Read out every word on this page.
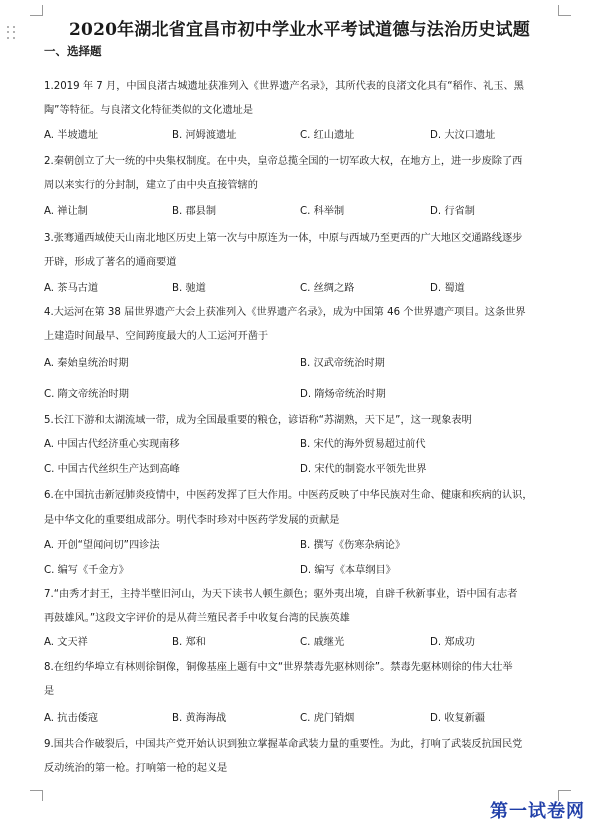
2020年湖北省宜昌市初中学业水平考试道德与法治历史试题
一、选择题
1.2019 年 7 月，中国良渚古城遗址获准列入《世界遗产名录》，其所代表的良渚文化具有“稻作、礼玉、黑
陶”等特征。与良渚文化特征类似的文化遗址是
A. 半坡遗址	B. 河姆渡遗址	C. 红山遗址	D. 大汶口遗址
2.秦朝创立了大一统的中央集权制度。在中央，皇帝总揽全国的一切军政大权，在地方上，进一步废除了西
周以来实行的分封制，建立了由中央直接管辖的
A. 禅让制	B. 郡县制	C. 科举制	D. 行省制
3.张骞通西域使天山南北地区历史上第一次与中原连为一体，中原与西域乃至更西的广大地区交通路线逐步
开辟，形成了著名的通商要道
A. 茶马古道	B. 驰道	C. 丝绸之路	D. 蜀道
4.大运河在第 38 届世界遗产大会上获准列入《世界遗产名录》，成为中国第 46 个世界遗产项目。这条世界
上建造时间最早、空间跨度最大的人工运河开凿于
A. 秦始皇统治时期	B. 汉武帝统治时期
C. 隋文帝统治时期	D. 隋炀帝统治时期
5.长江下游和太湖流域一带，成为全国最重要的粮仓，谚语称“苏湖熟，天下足”，这一现象表明
A. 中国古代经济重心实现南移	B. 宋代的海外贸易超过前代
C. 中国古代丝织生产达到高峰	D. 宋代的制瓷水平领先世界
6.在中国抗击新冠肺炎疫情中，中医药发挥了巨大作用。中医药反映了中华民族对生命、健康和疾病的认识，
是中华文化的重要组成部分。明代李时珍对中医药学发展的贡献是
A. 开创“望闻问切”四诊法	B. 撰写《伤寒杂病论》
C. 编写《千金方》	D. 编写《本草纲目》
7.“由秀才封王，主持半壁旧河山，为天下读书人顿生颜色；驱外夷出境，自辟千秋新事业，语中国有志者
再鼓雄风。”这段文字评价的是从荷兰殖民者手中收复台湾的民族英雄
A. 文天祥	B. 郑和	C. 戚继光	D. 郑成功
8.在纽约华埠立有林则徐铜像，铜像基座上题有中文“世界禁毒先驱林则徐”。禁毒先驱林则徐的伟大壮举
是
A. 抗击倭寇	B. 黄海海战	C. 虎门销烟	D. 收复新疆
9.国共合作破裂后，中国共产党开始认识到独立掌握革命武装力量的重要性。为此，打响了武装反抗国民党
反动统治的第一枪。打响第一枪的起义是
第一试卷网
